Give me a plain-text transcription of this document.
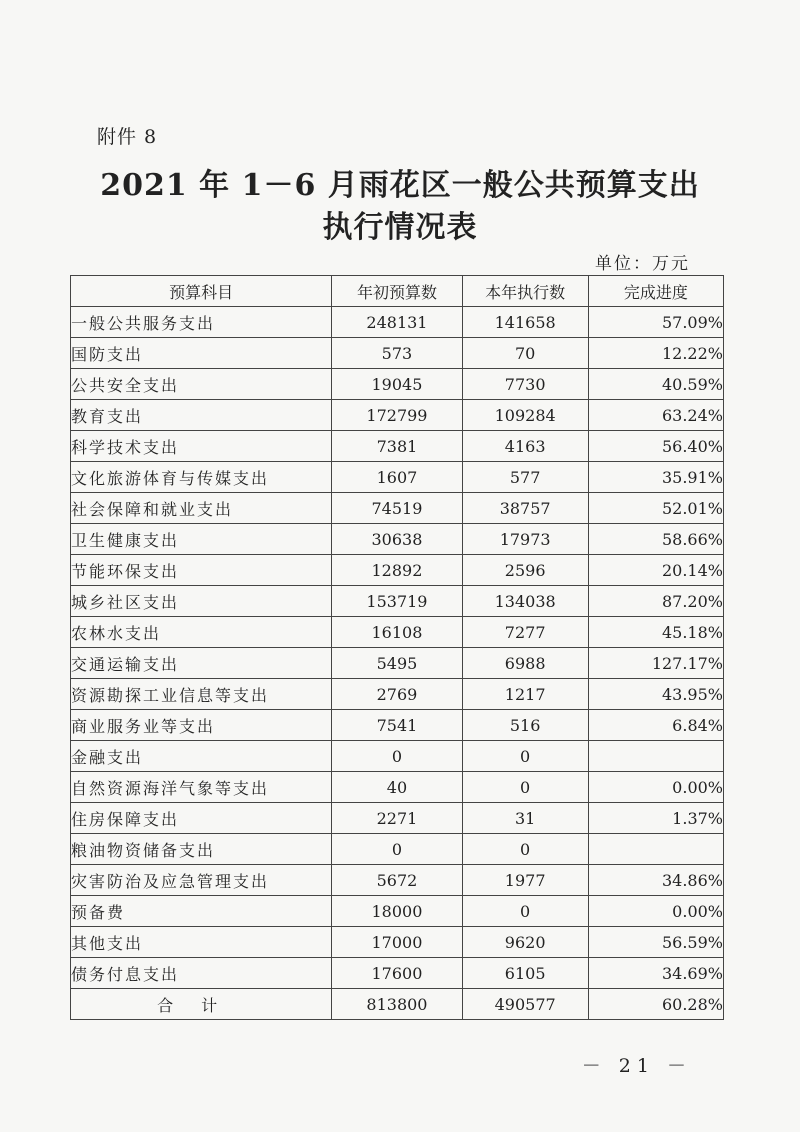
附件 8
2021 年 1－6 月雨花区一般公共预算支出
执行情况表
单位：万元
预算科目	年初预算数	本年执行数	完成进度
一般公共服务支出	248131	141658	57.09%
国防支出	573	70	12.22%
公共安全支出	19045	7730	40.59%
教育支出	172799	109284	63.24%
科学技术支出	7381	4163	56.40%
文化旅游体育与传媒支出	1607	577	35.91%
社会保障和就业支出	74519	38757	52.01%
卫生健康支出	30638	17973	58.66%
节能环保支出	12892	2596	20.14%
城乡社区支出	153719	134038	87.20%
农林水支出	16108	7277	45.18%
交通运输支出	5495	6988	127.17%
资源勘探工业信息等支出	2769	1217	43.95%
商业服务业等支出	7541	516	6.84%
金融支出	0	0	
自然资源海洋气象等支出	40	0	0.00%
住房保障支出	2271	31	1.37%
粮油物资储备支出	0	0	
灾害防治及应急管理支出	5672	1977	34.86%
预备费	18000	0	0.00%
其他支出	17000	9620	56.59%
债务付息支出	17600	6105	34.69%
合计	813800	490577	60.28%
－ 21 －
